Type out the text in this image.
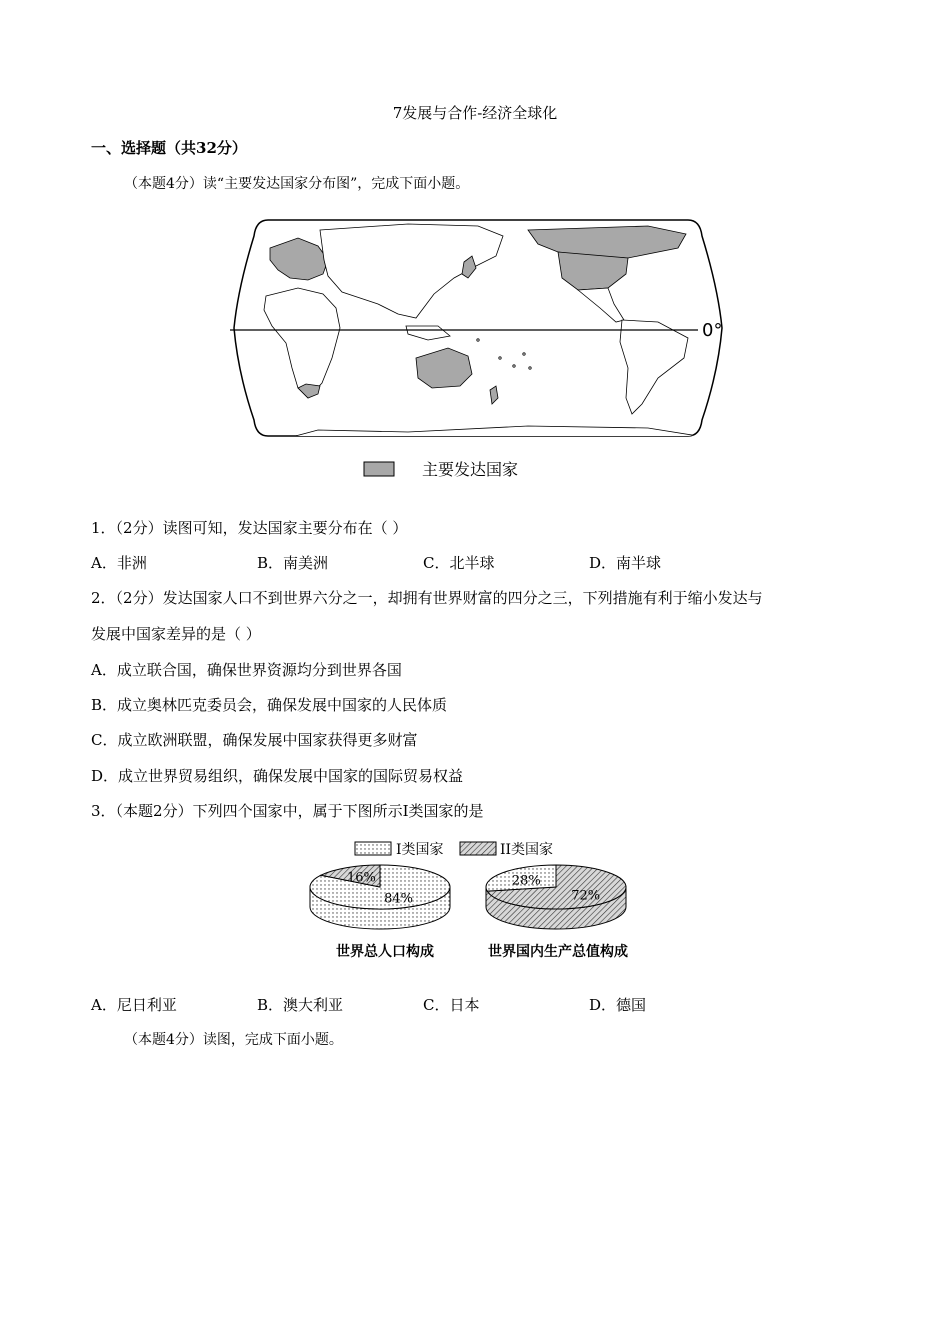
7发展与合作-经济全球化
一、选择题（共32分）
（本题4分）读“主要发达国家分布图”，完成下面小题。
0°
主要发达国家
1．（2分）读图可知，发达国家主要分布在（ ）
A．非洲	B．南美洲	C．北半球	D．南半球
2．（2分）发达国家人口不到世界六分之一，却拥有世界财富的四分之三，下列措施有利于缩小发达与
发展中国家差异的是（ ）
A．成立联合国，确保世界资源均分到世界各国
B．成立奥林匹克委员会，确保发展中国家的人民体质
C．成立欧洲联盟，确保发展中国家获得更多财富
D．成立世界贸易组织，确保发展中国家的国际贸易权益
3．（本题2分）下列四个国家中，属于下图所示I类国家的是
I类国家	II类国家
84%
16%
72%
28%
世界总人口构成	世界国内生产总值构成
A．尼日利亚	B．澳大利亚	C．日本	D．德国
（本题4分）读图，完成下面小题。
